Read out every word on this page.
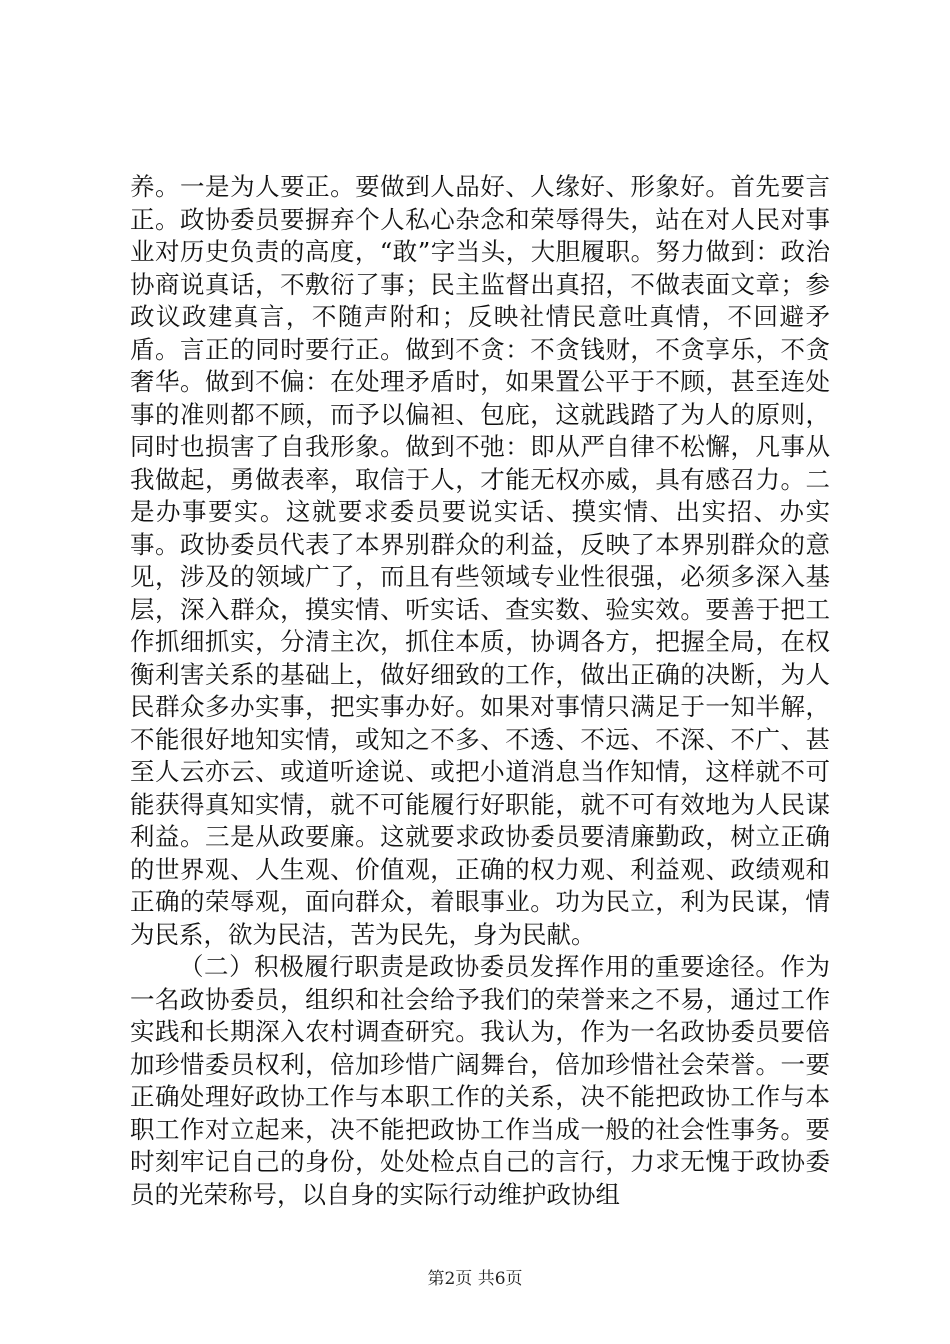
养。一是为人要正。要做到人品好、人缘好、形象好。首先要言正。政协委员要摒弃个人私心杂念和荣辱得失，站在对人民对事业对历史负责的高度，“敢”字当头，大胆履职。努力做到：政治协商说真话，不敷衍了事；民主监督出真招，不做表面文章；参政议政建真言，不随声附和；反映社情民意吐真情，不回避矛盾。言正的同时要行正。做到不贪：不贪钱财，不贪享乐，不贪奢华。做到不偏：在处理矛盾时，如果置公平于不顾，甚至连处事的准则都不顾，而予以偏袒、包庇，这就践踏了为人的原则，同时也损害了自我形象。做到不弛：即从严自律不松懈，凡事从我做起，勇做表率，取信于人，才能无权亦威，具有感召力。二是办事要实。这就要求委员要说实话、摸实情、出实招、办实事。政协委员代表了本界别群众的利益，反映了本界别群众的意见，涉及的领域广了，而且有些领域专业性很强，必须多深入基层，深入群众，摸实情、听实话、查实数、验实效。要善于把工作抓细抓实，分清主次，抓住本质，协调各方，把握全局，在权衡利害关系的基础上，做好细致的工作，做出正确的决断，为人民群众多办实事，把实事办好。如果对事情只满足于一知半解，不能很好地知实情，或知之不多、不透、不远、不深、不广、甚至人云亦云、或道听途说、或把小道消息当作知情，这样就不可能获得真知实情，就不可能履行好职能，就不可有效地为人民谋利益。三是从政要廉。这就要求政协委员要清廉勤政，树立正确的世界观、人生观、价值观，正确的权力观、利益观、政绩观和正确的荣辱观，面向群众，着眼事业。功为民立，利为民谋，情为民系，欲为民洁，苦为民先，身为民献。

（二）积极履行职责是政协委员发挥作用的重要途径。作为一名政协委员，组织和社会给予我们的荣誉来之不易，通过工作实践和长期深入农村调查研究。我认为，作为一名政协委员要倍加珍惜委员权利，倍加珍惜广阔舞台，倍加珍惜社会荣誉。一要正确处理好政协工作与本职工作的关系，决不能把政协工作与本职工作对立起来，决不能把政协工作当成一般的社会性事务。要时刻牢记自己的身份，处处检点自己的言行，力求无愧于政协委员的光荣称号，以自身的实际行动维护政协组

第2页 共6页
